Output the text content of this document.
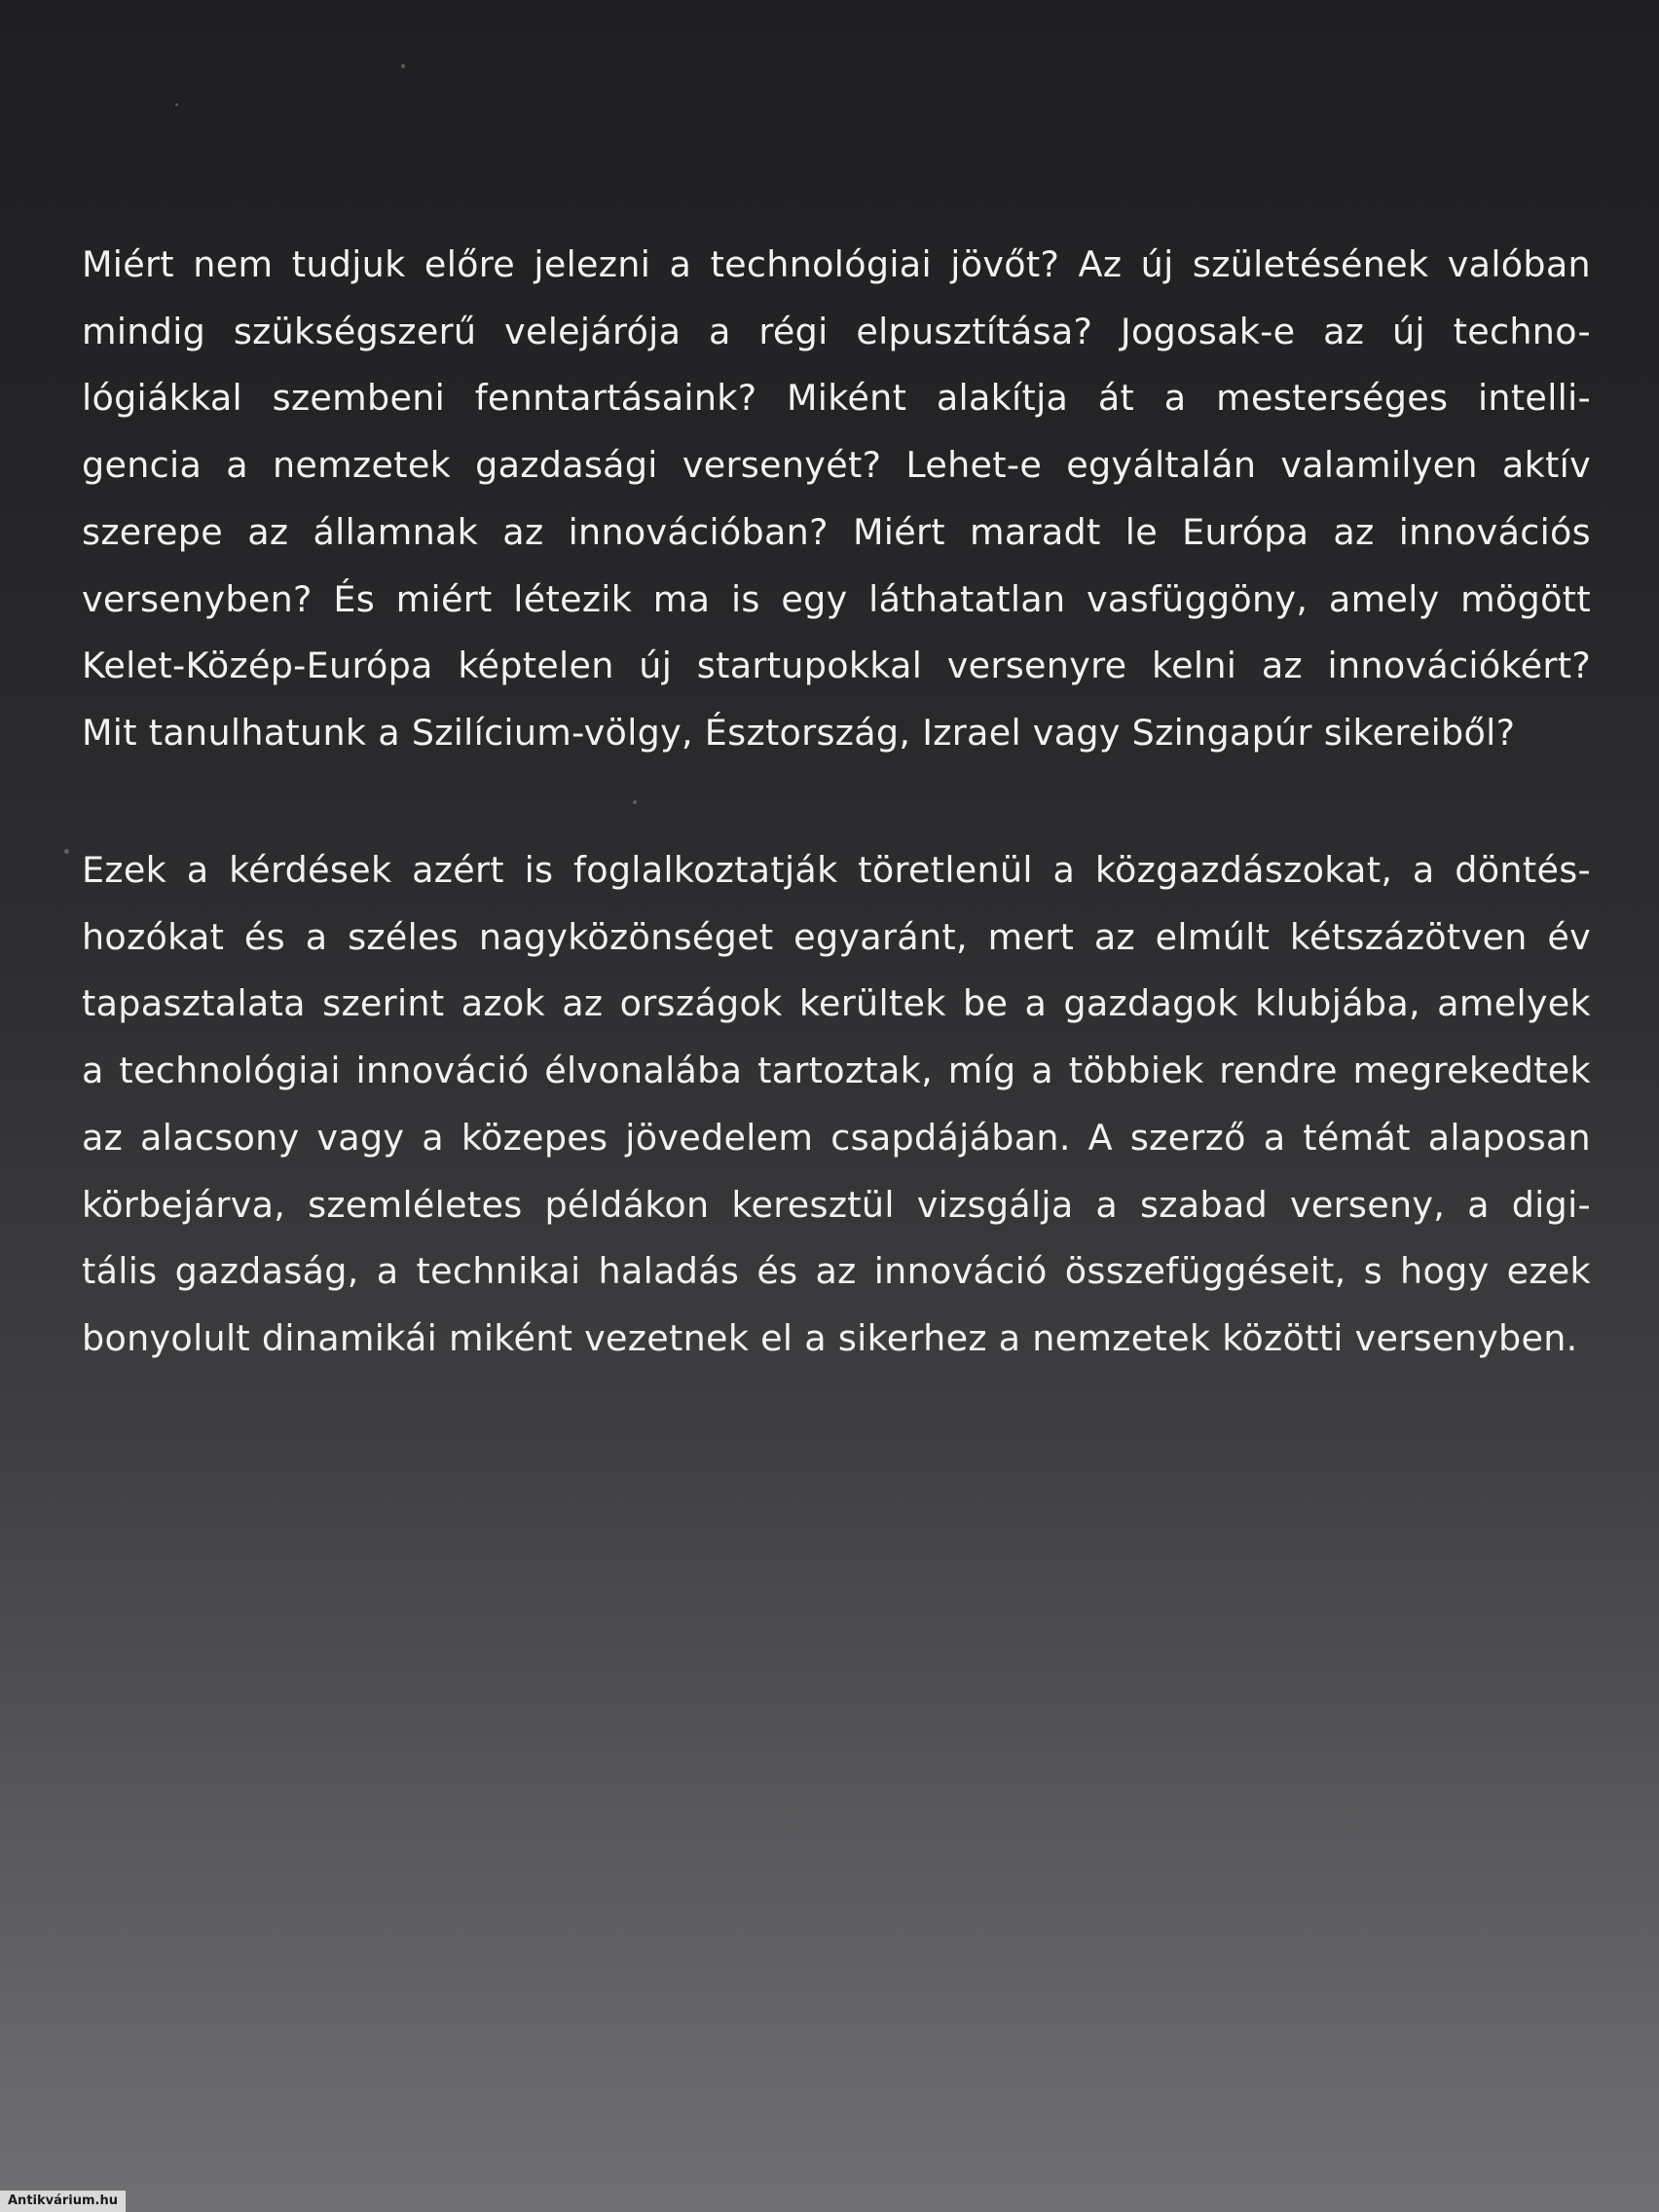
Miért nem tudjuk előre jelezni a technológiai jövőt? Az új születésének valóban
mindig szükségszerű velejárója a régi elpusztítása? Jogosak-e az új techno-
lógiákkal szembeni fenntartásaink? Miként alakítja át a mesterséges intelli-
gencia a nemzetek gazdasági versenyét? Lehet-e egyáltalán valamilyen aktív
szerepe az államnak az innovációban? Miért maradt le Európa az innovációs
versenyben? És miért létezik ma is egy láthatatlan vasfüggöny, amely mögött
Kelet-Közép-Európa képtelen új startupokkal versenyre kelni az innovációkért?
Mit tanulhatunk a Szilícium-völgy, Észtország, Izrael vagy Szingapúr sikereiből?
Ezek a kérdések azért is foglalkoztatják töretlenül a közgazdászokat, a döntés-
hozókat és a széles nagyközönséget egyaránt, mert az elmúlt kétszázötven év
tapasztalata szerint azok az országok kerültek be a gazdagok klubjába, amelyek
a technológiai innováció élvonalába tartoztak, míg a többiek rendre megrekedtek
az alacsony vagy a közepes jövedelem csapdájában. A szerző a témát alaposan
körbejárva, szemléletes példákon keresztül vizsgálja a szabad verseny, a digi-
tális gazdaság, a technikai haladás és az innováció összefüggéseit, s hogy ezek
bonyolult dinamikái miként vezetnek el a sikerhez a nemzetek közötti versenyben.
Antikvárium.hu
